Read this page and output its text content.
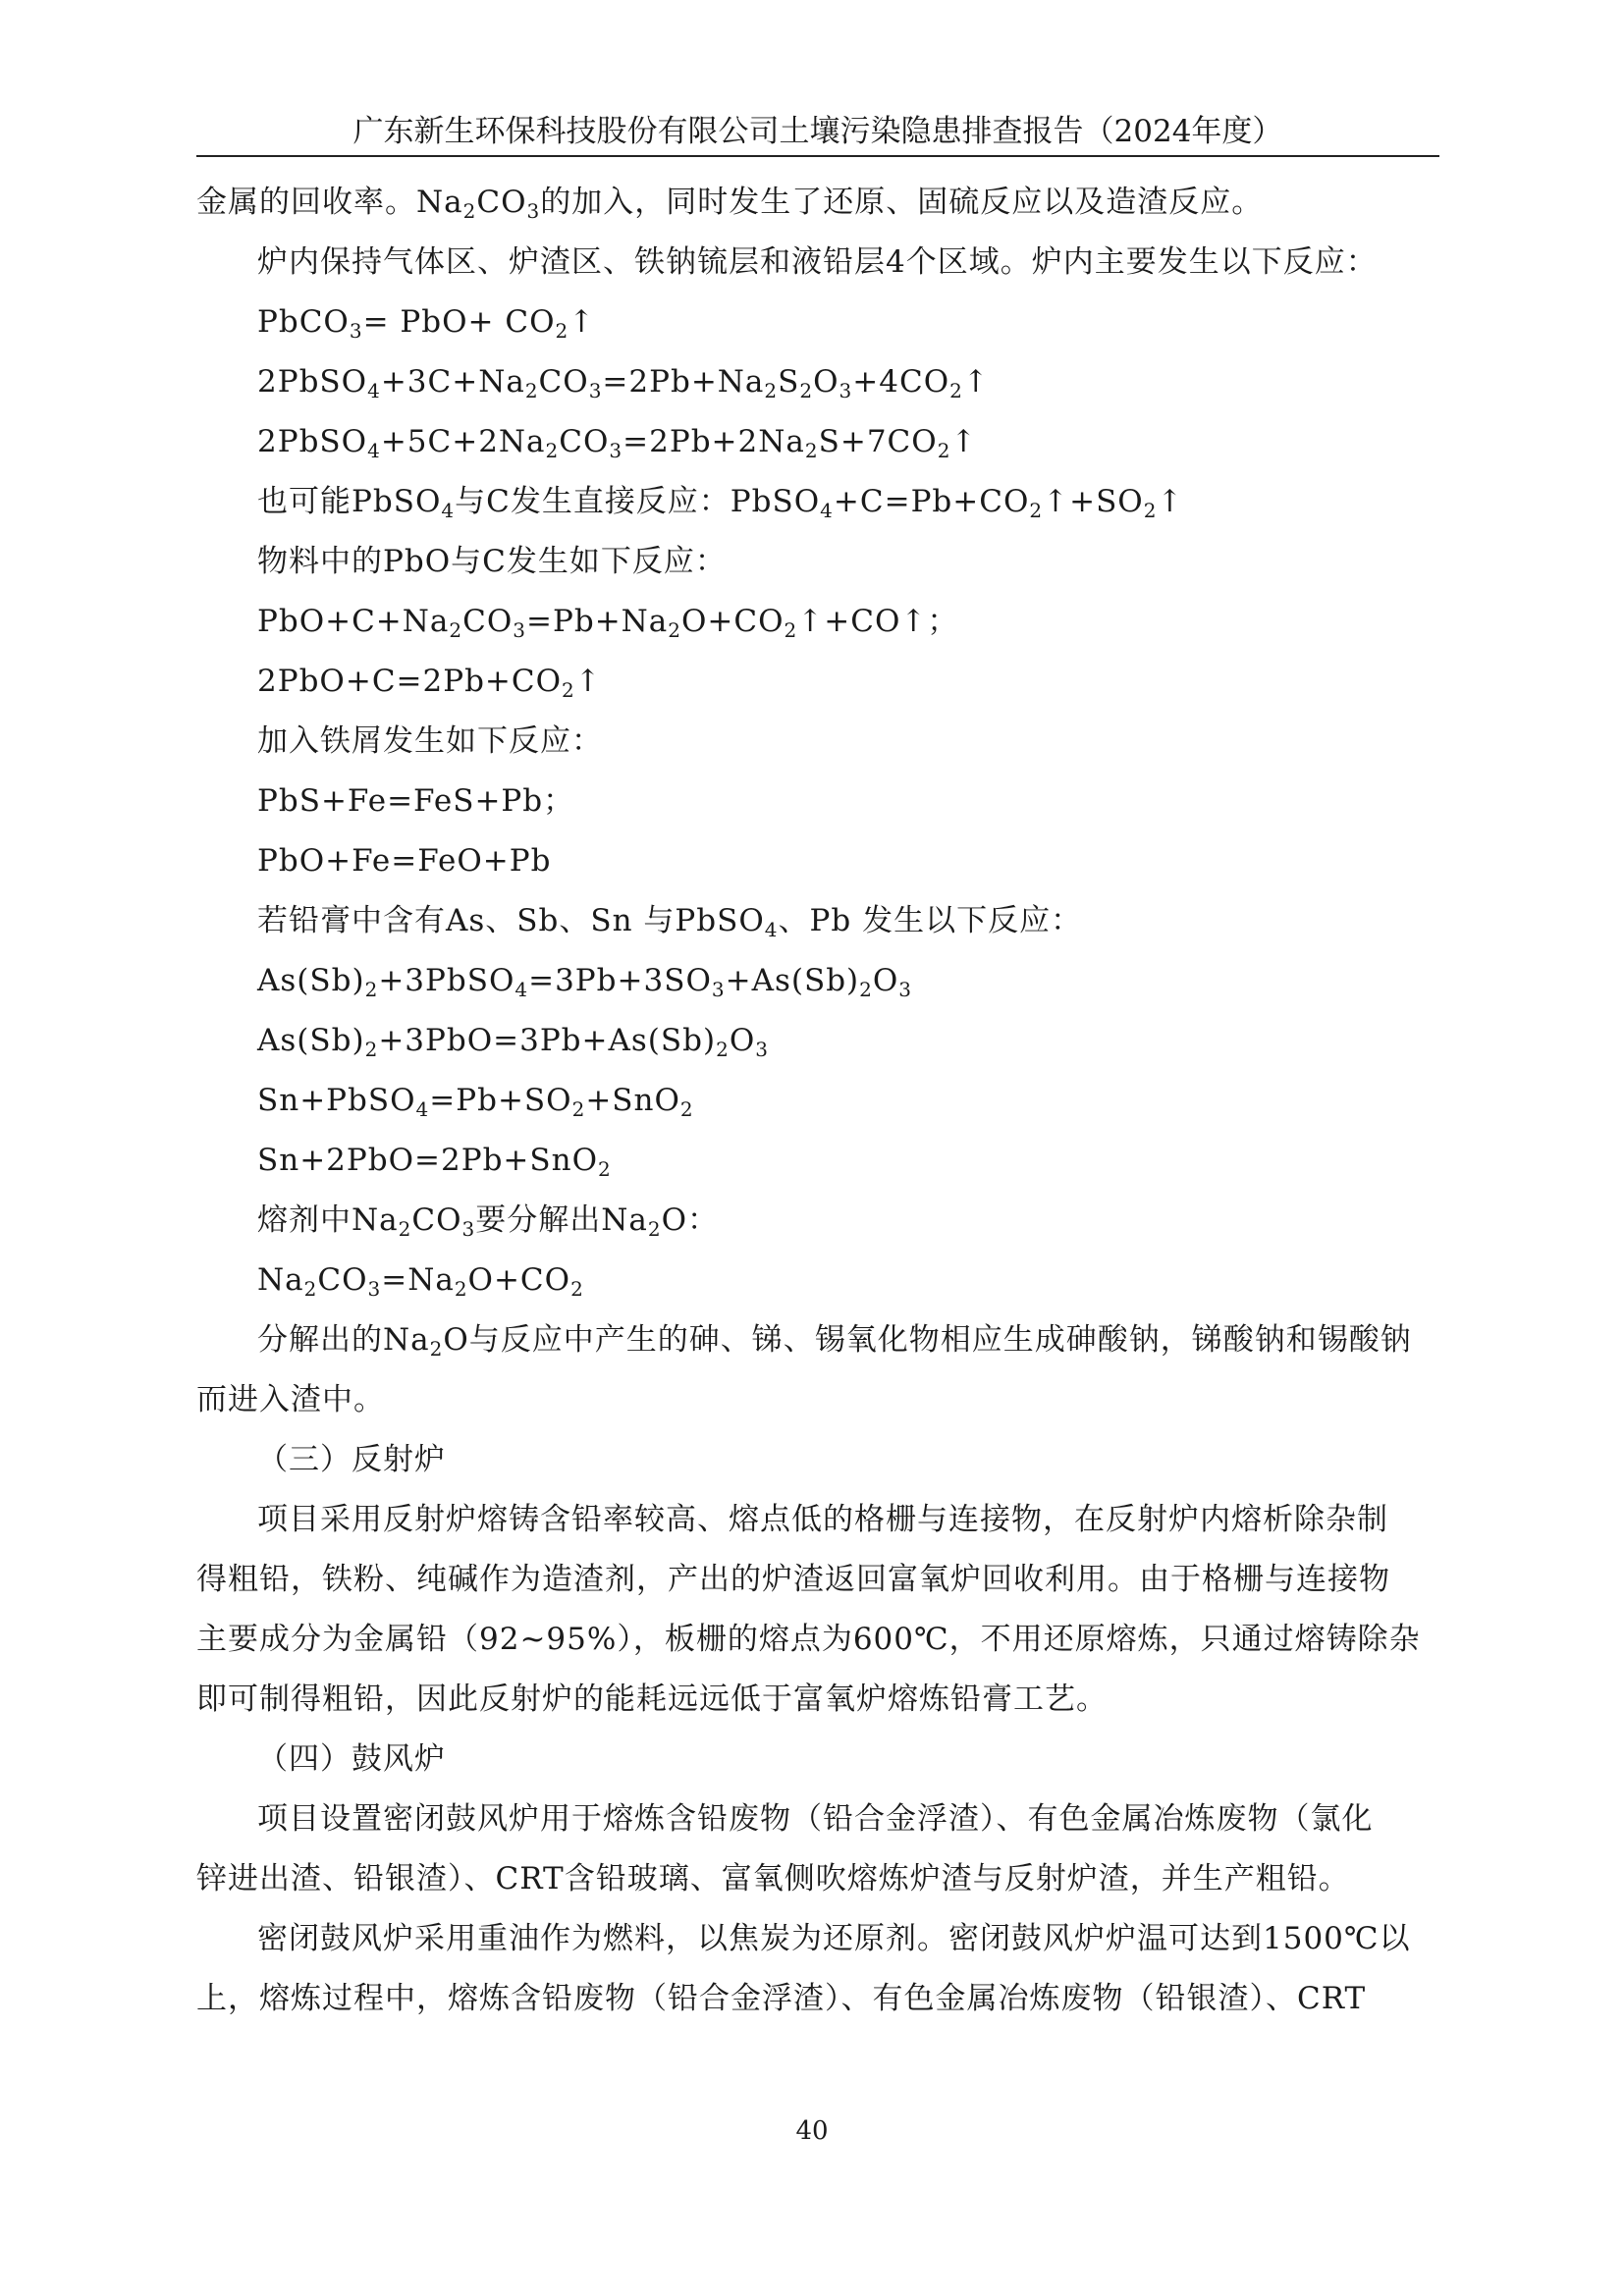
广东新生环保科技股份有限公司土壤污染隐患排查报告（2024年度）
金属的回收率。$Na_2CO_3$的加入，同时发生了还原、固硫反应以及造渣反应。
炉内保持气体区、炉渣区、铁钠锍层和液铅层4个区域。炉内主要发生以下反应：
PbCO$_3$= $PbO+ CO_2↑$
$2PbSO_4+3C+Na_2CO_3=2Pb+Na_2S_2O_3+4CO_2↑$
$2PbSO_4+5C+2Na_2CO_3=2Pb+2Na_2S+7CO_2↑$
也可能PbSO$_4$与C发生直接反应：$PbSO_4+C=Pb+CO_2↑+SO_2↑$
物料中的PbO与C发生如下反应：
$PbO+C+Na_2CO_3=Pb+Na_2O+CO_2↑+CO↑$；
$2PbO+C=2Pb+CO_2↑$
加入铁屑发生如下反应：
PbS+Fe=FeS+Pb；
PbO+Fe=FeO+Pb
若铅膏中含有As、Sb、Sn 与PbSO$_4$、Pb 发生以下反应：
$As(Sb)_2+3PbSO_4=3Pb+3SO_3+As(Sb)_2O_3$
$As(Sb)_2+3PbO=3Pb+As(Sb)_2O_3$
$Sn+PbSO_4=Pb+SO_2+SnO_2$
Sn+2PbO=2Pb+SnO$_2$
熔剂中$Na_2CO_3$要分解出$Na_2O$：
$Na_2CO_3=Na_2O+CO_2$
分解出的$Na_2O$与反应中产生的砷、锑、锡氧化物相应生成砷酸钠，锑酸钠和锡酸钠
而进入渣中。
（三）反射炉
项目采用反射炉熔铸含铅率较高、熔点低的格栅与连接物，在反射炉内熔析除杂制
得粗铅，铁粉、纯碱作为造渣剂，产出的炉渣返回富氧炉回收利用。由于格栅与连接物
主要成分为金属铅（92~95%），板栅的熔点为600℃，不用还原熔炼，只通过熔铸除杂
即可制得粗铅，因此反射炉的能耗远远低于富氧炉熔炼铅膏工艺。
（四）鼓风炉
项目设置密闭鼓风炉用于熔炼含铅废物（铅合金浮渣）、有色金属冶炼废物（氯化
锌进出渣、铅银渣）、CRT含铅玻璃、富氧侧吹熔炼炉渣与反射炉渣，并生产粗铅。
密闭鼓风炉采用重油作为燃料，以焦炭为还原剂。密闭鼓风炉炉温可达到1500℃以
上，熔炼过程中，熔炼含铅废物（铅合金浮渣）、有色金属冶炼废物（铅银渣）、CRT
40
